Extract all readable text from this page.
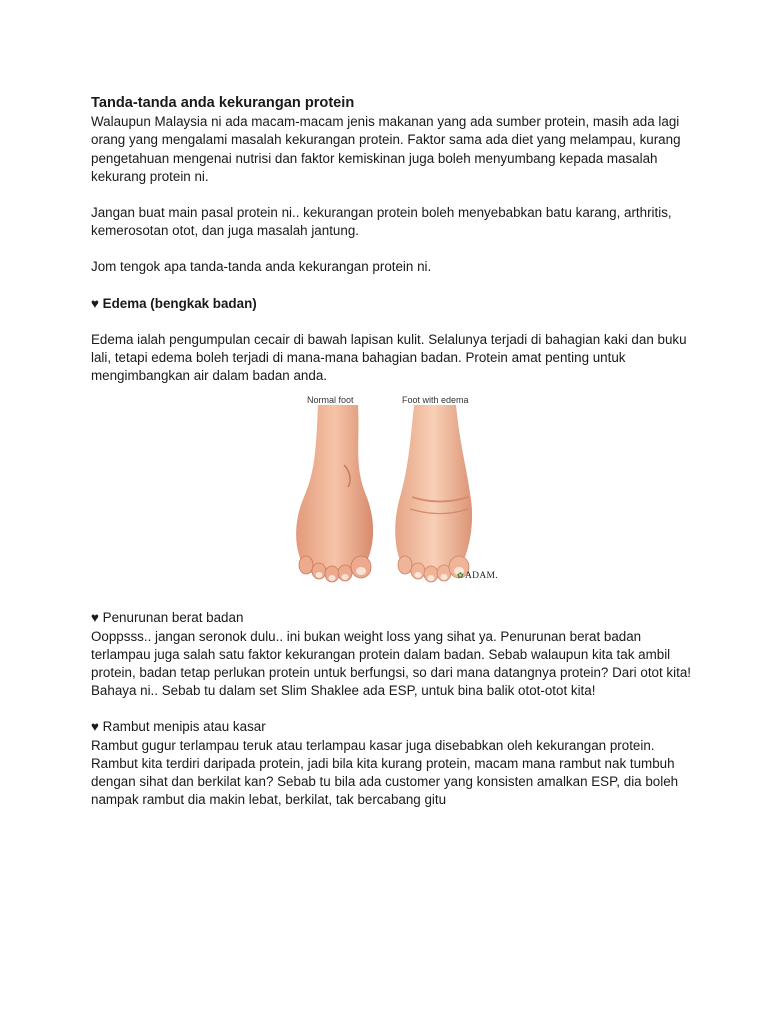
Tanda-tanda anda kekurangan protein

Walaupun Malaysia ni ada macam-macam jenis makanan yang ada sumber protein, masih ada lagi orang yang mengalami masalah kekurangan protein. Faktor sama ada diet yang melampau, kurang pengetahuan mengenai nutrisi dan faktor kemiskinan juga boleh menyumbang kepada masalah kekurang protein ni.

Jangan buat main pasal protein ni.. kekurangan protein boleh menyebabkan batu karang, arthritis, kemerosotan otot, dan juga masalah jantung.

Jom tengok apa tanda-tanda anda kekurangan protein ni.

♥ Edema (bengkak badan)

Edema ialah pengumpulan cecair di bawah lapisan kulit. Selalunya terjadi di bahagian kaki dan buku lali, tetapi edema boleh terjadi di mana-mana bahagian badan. Protein amat penting untuk mengimbangkan air dalam badan anda.

Normal foot	Foot with edema
✿ADAM.

♥ Penurunan berat badan

Ooppsss.. jangan seronok dulu.. ini bukan weight loss yang sihat ya. Penurunan berat badan terlampau juga salah satu faktor kekurangan protein dalam badan. Sebab walaupun kita tak ambil protein, badan tetap perlukan protein untuk berfungsi, so dari mana datangnya protein? Dari otot kita! Bahaya ni.. Sebab tu dalam set Slim Shaklee ada ESP, untuk bina balik otot-otot kita!

♥ Rambut menipis atau kasar

Rambut gugur terlampau teruk atau terlampau kasar juga disebabkan oleh kekurangan protein. Rambut kita terdiri daripada protein, jadi bila kita kurang protein, macam mana rambut nak tumbuh dengan sihat dan berkilat kan? Sebab tu bila ada customer yang konsisten amalkan ESP, dia boleh nampak rambut dia makin lebat, berkilat, tak bercabang gitu
